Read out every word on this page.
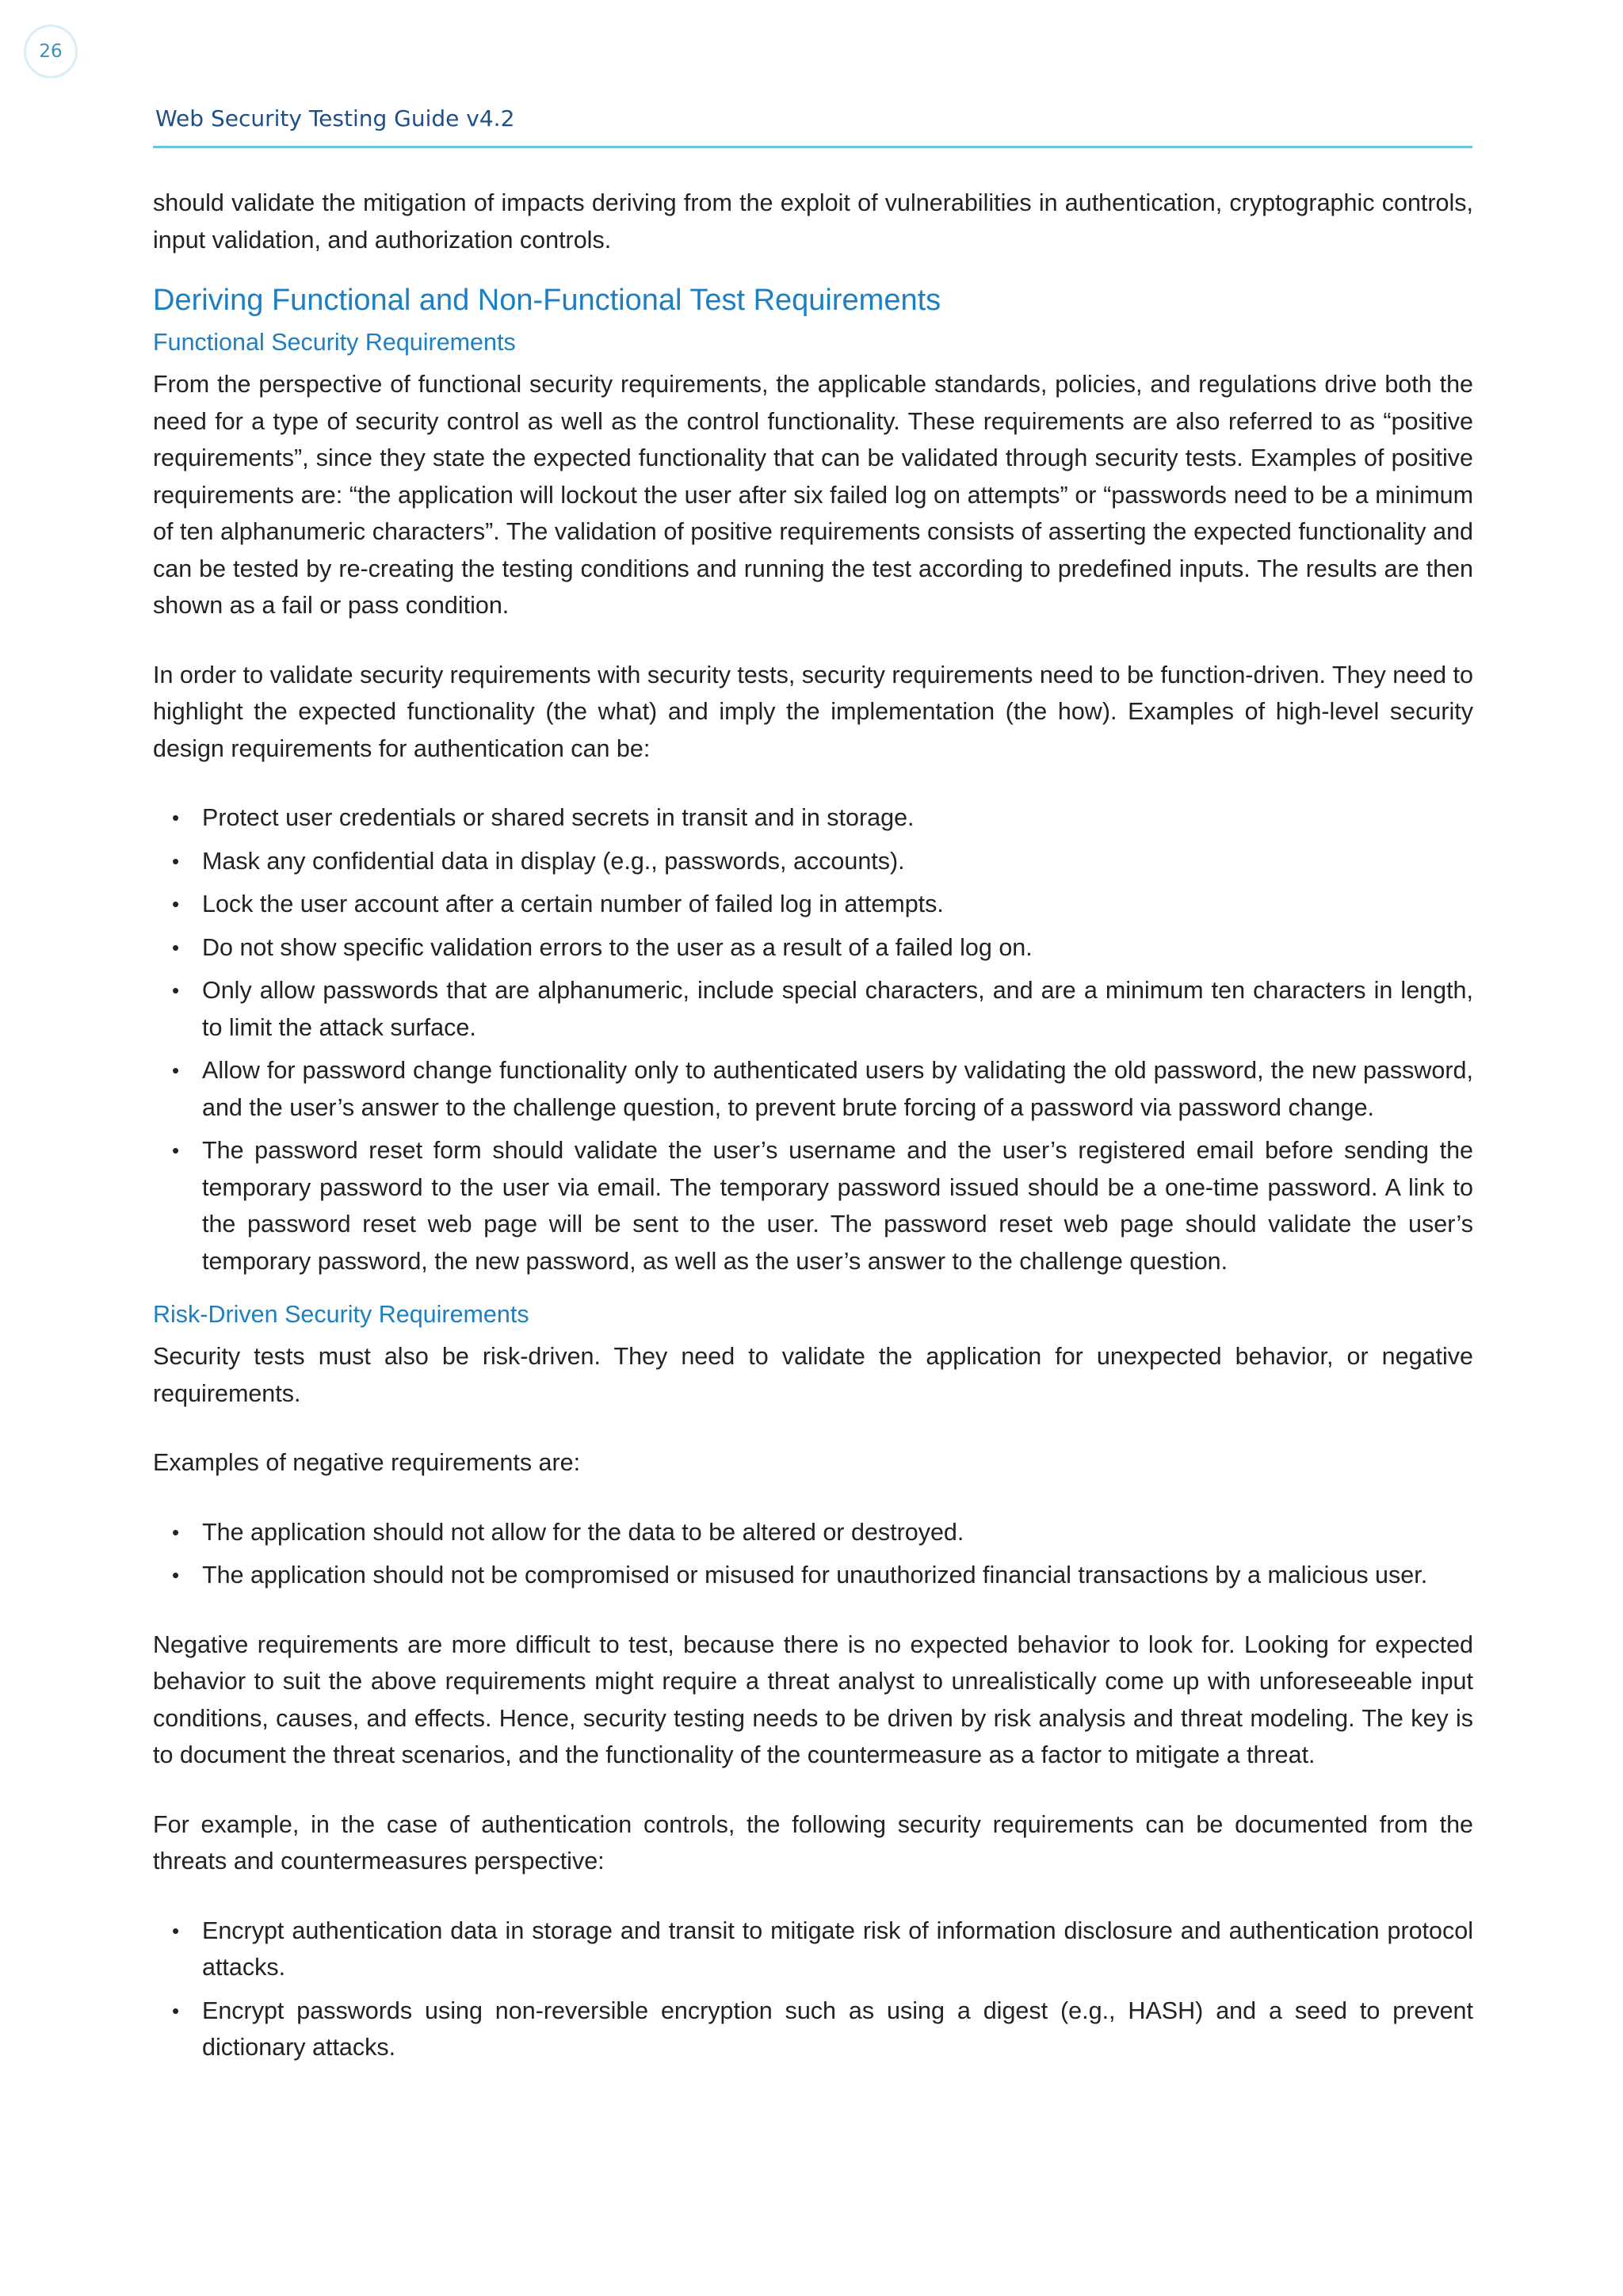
26
Web Security Testing Guide v4.2

should validate the mitigation of impacts deriving from the exploit of vulnerabilities in authentication, cryptographic controls, input validation, and authorization controls.

Deriving Functional and Non-Functional Test Requirements
Functional Security Requirements

From the perspective of functional security requirements, the applicable standards, policies, and regulations drive both the need for a type of security control as well as the control functionality. These requirements are also referred to as “positive requirements”, since they state the expected functionality that can be validated through security tests. Examples of positive requirements are: “the application will lockout the user after six failed log on attempts” or “passwords need to be a minimum of ten alphanumeric characters”. The validation of positive requirements consists of asserting the expected functionality and can be tested by re-creating the testing conditions and running the test according to predefined inputs. The results are then shown as a fail or pass condition.

In order to validate security requirements with security tests, security requirements need to be function-driven. They need to highlight the expected functionality (the what) and imply the implementation (the how). Examples of high-level security design requirements for authentication can be:

• Protect user credentials or shared secrets in transit and in storage.
• Mask any confidential data in display (e.g., passwords, accounts).
• Lock the user account after a certain number of failed log in attempts.
• Do not show specific validation errors to the user as a result of a failed log on.
• Only allow passwords that are alphanumeric, include special characters, and are a minimum ten characters in length, to limit the attack surface.
• Allow for password change functionality only to authenticated users by validating the old password, the new password, and the user’s answer to the challenge question, to prevent brute forcing of a password via password change.
• The password reset form should validate the user’s username and the user’s registered email before sending the temporary password to the user via email. The temporary password issued should be a one-time password. A link to the password reset web page will be sent to the user. The password reset web page should validate the user’s temporary password, the new password, as well as the user’s answer to the challenge question.
Risk-Driven Security Requirements

Security tests must also be risk-driven. They need to validate the application for unexpected behavior, or negative requirements.

Examples of negative requirements are:

• The application should not allow for the data to be altered or destroyed.
• The application should not be compromised or misused for unauthorized financial transactions by a malicious user.

Negative requirements are more difficult to test, because there is no expected behavior to look for. Looking for expected behavior to suit the above requirements might require a threat analyst to unrealistically come up with unforeseeable input conditions, causes, and effects. Hence, security testing needs to be driven by risk analysis and threat modeling. The key is to document the threat scenarios, and the functionality of the countermeasure as a factor to mitigate a threat.

For example, in the case of authentication controls, the following security requirements can be documented from the threats and countermeasures perspective:

• Encrypt authentication data in storage and transit to mitigate risk of information disclosure and authentication protocol attacks.
• Encrypt passwords using non-reversible encryption such as using a digest (e.g., HASH) and a seed to prevent dictionary attacks.
